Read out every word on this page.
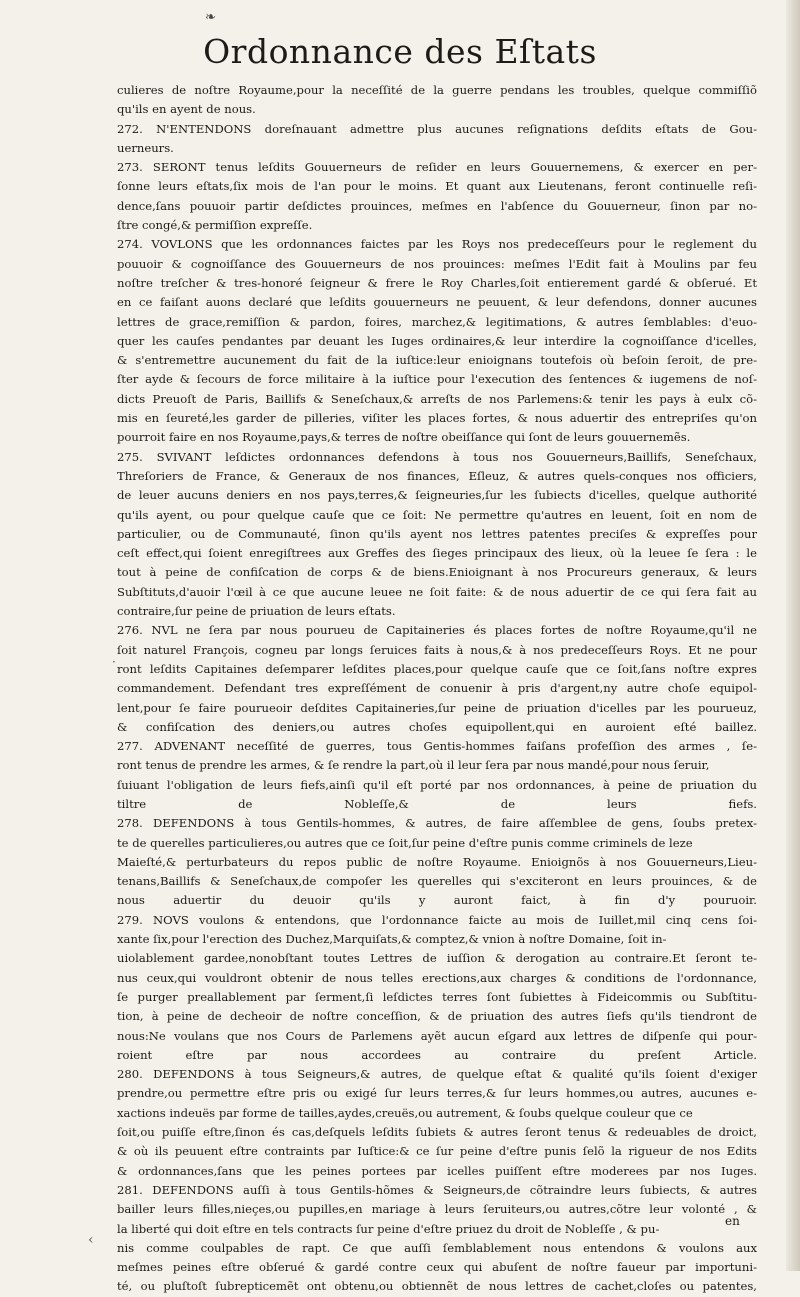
❧
‹
·
Ordonnance des Eſtats
culieres de noſtre Royaume,pour la neceſſité de la guerre pendans les troubles, quelque commiſſiõ
qu'ils en ayent de nous.
272. N'ENTENDONS doreſnauant admettre plus aucunes reſignations deſdits eſtats de Gou-
uerneurs.
273. SERONT tenus leſdits Gouuerneurs de reſider en leurs Gouuernemens, & exercer en per-
ſonne leurs eſtats,ſix mois de l'an pour le moins. Et quant aux Lieutenans, feront continuelle reſi-
dence,ſans pouuoir partir deſdictes prouinces, meſmes en l'abſence du Gouuerneur, ſinon par no-
ſtre congé,& permiſſion expreſſe.
274. VOVLONS que les ordonnances faictes par les Roys nos predeceſſeurs pour le reglement du
pouuoir & cognoiſſance des Gouuerneurs de nos prouinces: meſmes l'Edit fait à Moulins par feu
noſtre treſcher & tres-honoré ſeigneur & frere le Roy Charles,ſoit entierement gardé & obſerué. Et
en ce faiſant auons declaré que leſdits gouuerneurs ne peuuent, & leur defendons, donner aucunes
lettres de grace,remiſſion & pardon, foires, marchez,& legitimations, & autres ſemblables: d'euo-
quer les cauſes pendantes par deuant les Iuges ordinaires,& leur interdire la cognoiſſance d'icelles,
& s'entremettre aucunement du fait de la iuſtice:leur enioignans toutefois où beſoin ſeroit, de pre-
ſter ayde & ſecours de force militaire à la iuſtice pour l'execution des ſentences & iugemens de noſ-
dicts Preuoſt de Paris, Baillifs & Seneſchaux,& arreſts de nos Parlemens:& tenir les pays à eulx cõ-
mis en ſeureté,les garder de pilleries, viſiter les places fortes, & nous aduertir des entrepriſes qu'on
pourroit faire en nos Royaume,pays,& terres de noſtre obeiſſance qui ſont de leurs gouuernemẽs.
275. SVIVANT leſdictes ordonnances defendons à tous nos Gouuerneurs,Baillifs, Seneſchaux,
Threſoriers de France, & Generaux de nos finances, Eſleuz, & autres quels-conques nos officiers,
de leuer aucuns deniers en nos pays,terres,& ſeigneuries,ſur les ſubiects d'icelles, quelque authorité
qu'ils ayent, ou pour quelque cauſe que ce ſoit: Ne permettre qu'autres en leuent, ſoit en nom de
particulier, ou de Communauté, ſinon qu'ils ayent nos lettres patentes preciſes & expreſſes pour
ceſt effect,qui ſoient enregiſtrees aux Greffes des ſieges principaux des lieux, où la leuee ſe ſera : le
tout à peine de confiſcation de corps & de biens.Enioignant à nos Procureurs generaux, & leurs
Subſtituts,d'auoir l'œil à ce que aucune leuee ne ſoit faite: & de nous aduertir de ce qui ſera fait au
contraire,ſur peine de priuation de leurs eſtats.
276. NVL ne ſera par nous pourueu de Capitaineries és places fortes de noſtre Royaume,qu'il ne
ſoit naturel François, cogneu par longs ſeruices faits à nous,& à nos predeceſſeurs Roys. Et ne pour
ront leſdits Capitaines deſemparer leſdites places,pour quelque cauſe que ce ſoit,ſans noſtre expres
commandement. Defendant tres expreſſément de conuenir à pris d'argent,ny autre choſe equipol-
lent,pour ſe faire pourueoir deſdites Capitaineries,ſur peine de priuation d'icelles par les pourueuz,
& confiſcation des deniers,ou autres choſes equipollent,qui en auroient eſté baillez.
277. ADVENANT neceſſité de guerres, tous Gentis-hommes faiſans profeſſion des armes , ſe-
ront tenus de prendre les armes, & ſe rendre la part,où il leur ſera par nous mandé,pour nous ſeruir,
ſuiuant l'obligation de leurs fiefs,ainſi qu'il eſt porté par nos ordonnances, à peine de priuation du
tiltre de Nobleſſe,& de leurs fiefs.
278. DEFENDONS à tous Gentils-hommes, & autres, de faire aſſemblee de gens, ſoubs pretex-
te de querelles particulieres,ou autres que ce ſoit,ſur peine d'eſtre punis comme criminels de leze
Maieſté,& perturbateurs du repos public de noſtre Royaume. Enioignõs à nos Gouuerneurs,Lieu-
tenans,Baillifs & Seneſchaux,de compoſer les querelles qui s'exciteront en leurs prouinces, & de
nous aduertir du deuoir qu'ils y auront faict, à fin d'y pouruoir.
279. NOVS voulons & entendons, que l'ordonnance faicte au mois de Iuillet,mil cinq cens ſoi-
xante ſix,pour l'erection des Duchez,Marquiſats,& comptez,& vnion à noſtre Domaine, ſoit in-
uiolablement gardee,nonobſtant toutes Lettres de iuſſion & derogation au contraire.Et ſeront te-
nus ceux,qui vouldront obtenir de nous telles erections,aux charges & conditions de l'ordonnance,
ſe purger preallablement par ſerment,ſi leſdictes terres ſont ſubiettes à Fideicommis ou Subſtitu-
tion, à peine de decheoir de noſtre conceſſion, & de priuation des autres ſiefs qu'ils tiendront de
nous:Ne voulans que nos Cours de Parlemens ayẽt aucun eſgard aux lettres de diſpenſe qui pour-
roient eſtre par nous accordees au contraire du preſent Article.
280. DEFENDONS à tous Seigneurs,& autres, de quelque eſtat & qualité qu'ils ſoient d'exiger
prendre,ou permettre eſtre pris ou exigé ſur leurs terres,& ſur leurs hommes,ou autres, aucunes e-
xactions indeuës par forme de tailles,aydes,creuës,ou autrement, & ſoubs quelque couleur que ce
ſoit,ou puiſſe eſtre,ſinon és cas,deſquels leſdits ſubiets & autres ſeront tenus & redeuables de droict,
& où ils peuuent eſtre contraints par Iuſtice:& ce ſur peine d'eſtre punis ſelõ la rigueur de nos Edits
& ordonnances,ſans que les peines portees par icelles puiſſent eſtre moderees par nos Iuges.
281. DEFENDONS auſſi à tous Gentils-hõmes & Seigneurs,de cõtraindre leurs ſubiects, & autres
bailler leurs filles,nieçes,ou pupilles,en mariage à leurs ſeruiteurs,ou autres,cõtre leur volonté , &
la liberté qui doit eſtre en tels contracts ſur peine d'eſtre priuez du droit de Nobleſſe , & pu-
nis comme coulpables de rapt. Ce que auſſi ſemblablement nous entendons & voulons aux
meſmes peines eſtre obſerué & gardé contre ceux qui abuſent de noſtre faueur par importuni-
té, ou pluſtoſt ſubrepticemẽt ont obtenu,ou obtiennẽt de nous lettres de cachet,cloſes ou patentes,
en
